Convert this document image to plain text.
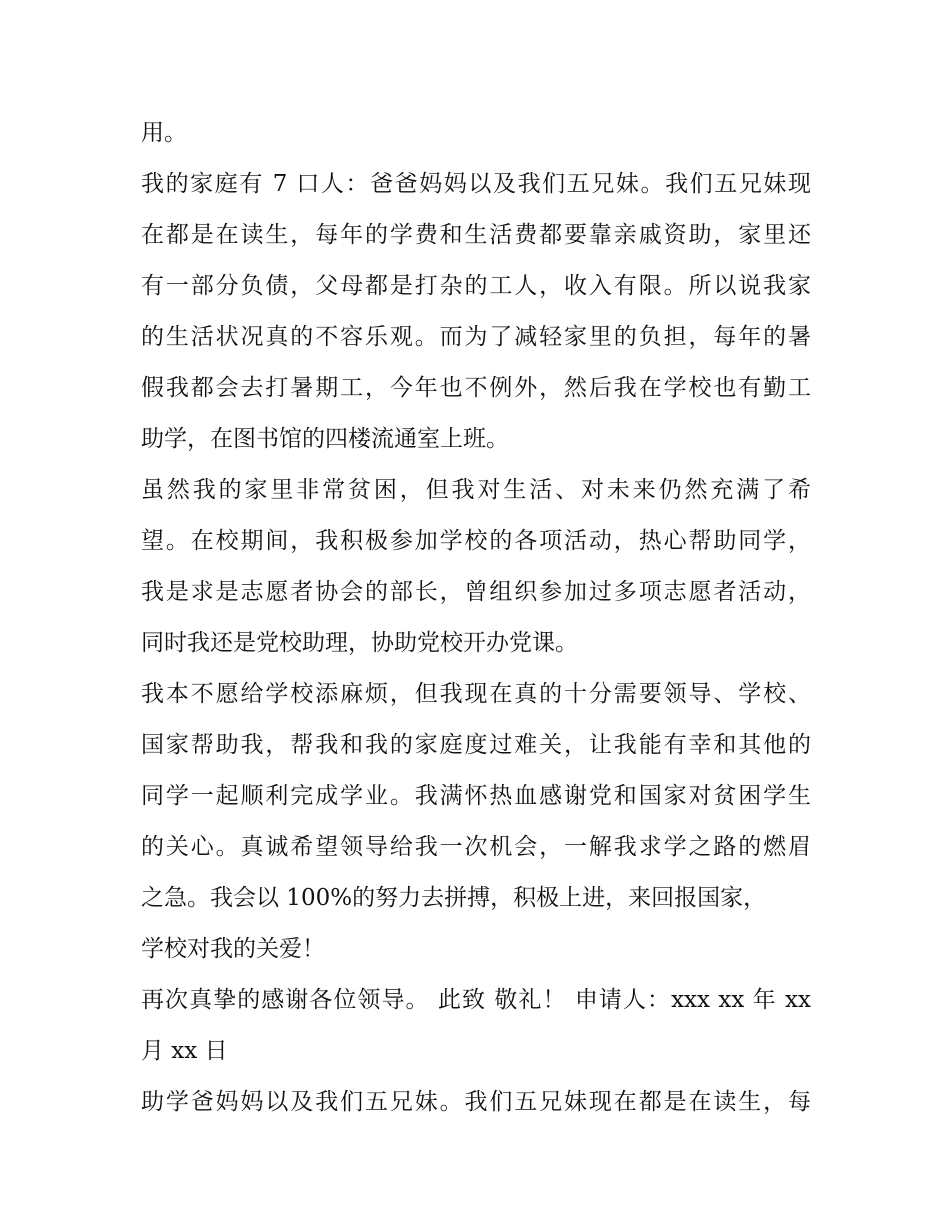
用。
我的家庭有 7 口人：爸爸妈妈以及我们五兄妹。我们五兄妹现
在都是在读生，每年的学费和生活费都要靠亲戚资助，家里还
有一部分负债，父母都是打杂的工人，收入有限。所以说我家
的生活状况真的不容乐观。而为了减轻家里的负担，每年的暑
假我都会去打暑期工，今年也不例外，然后我在学校也有勤工
助学，在图书馆的四楼流通室上班。
虽然我的家里非常贫困，但我对生活、对未来仍然充满了希
望。在校期间，我积极参加学校的各项活动，热心帮助同学，
我是求是志愿者协会的部长，曾组织参加过多项志愿者活动，
同时我还是党校助理，协助党校开办党课。
我本不愿给学校添麻烦，但我现在真的十分需要领导、学校、
国家帮助我，帮我和我的家庭度过难关，让我能有幸和其他的
同学一起顺利完成学业。我满怀热血感谢党和国家对贫困学生
的关心。真诚希望领导给我一次机会，一解我求学之路的燃眉
之急。我会以 100%的努力去拼搏，积极上进，来回报国家，
学校对我的关爱！
再次真挚的感谢各位领导。 此致 敬礼！ 申请人：xxx xx 年 xx
月 xx 日
助学爸妈妈以及我们五兄妹。我们五兄妹现在都是在读生，每
